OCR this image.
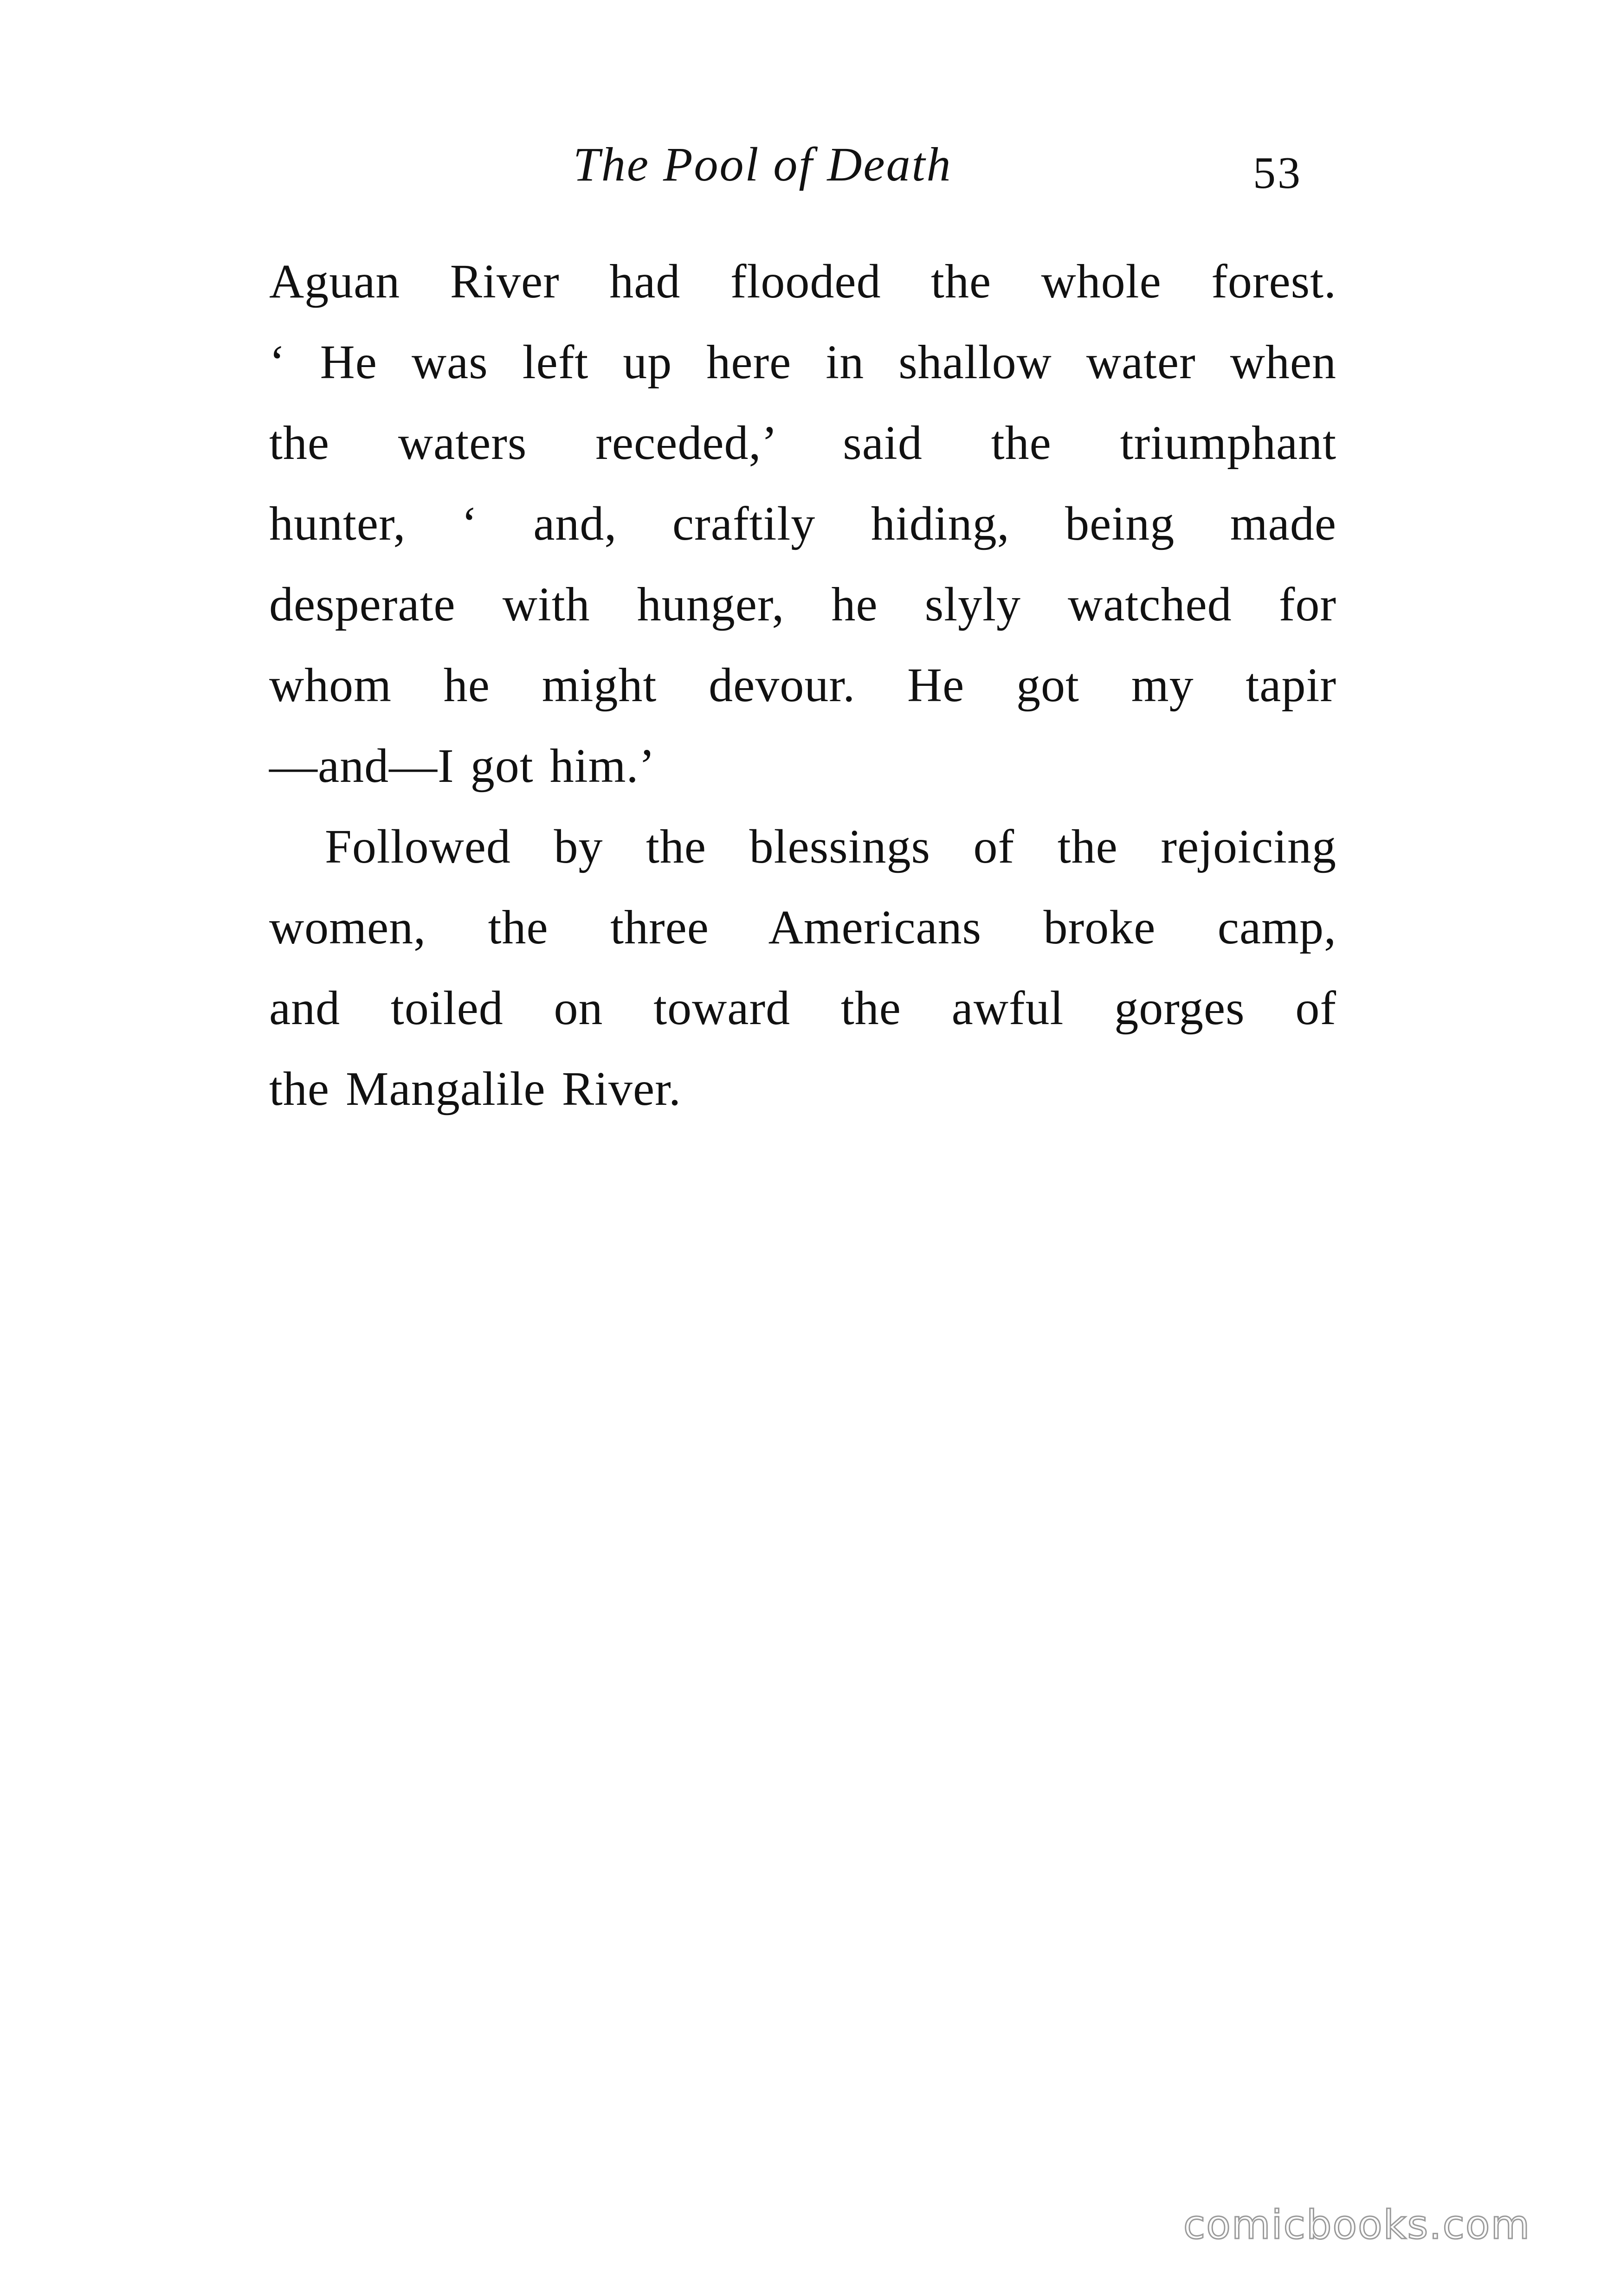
The Pool of Death	53
Aguan River had flooded the whole forest.
‘ He was left up here in shallow water when
the waters receded,’ said the triumphant
hunter, ‘ and, craftily hiding, being made
desperate with hunger, he slyly watched for
whom he might devour. He got my tapir
—and—I got him.’
Followed by the blessings of the rejoicing
women, the three Americans broke camp,
and toiled on toward the awful gorges of
the Mangalile River.
comicbooks.com
